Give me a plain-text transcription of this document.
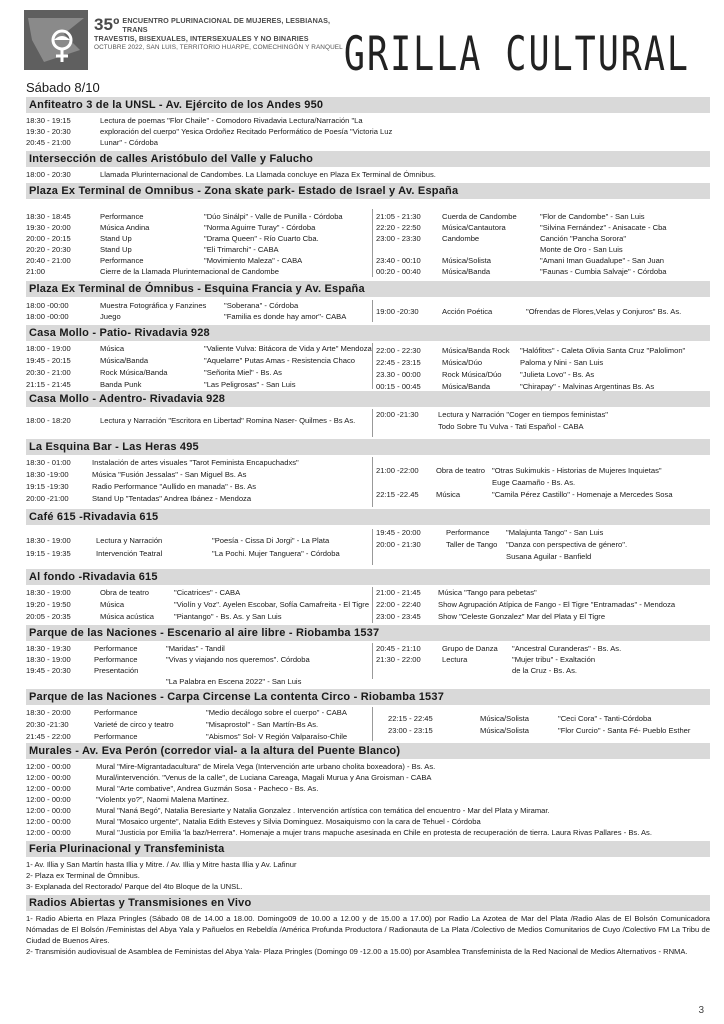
35º ENCUENTRO PLURINACIONAL DE MUJERES, LESBIANAS, TRANS
TRAVESTIS, BISEXUALES, INTERSEXUALES Y NO BINARIES
OCTUBRE 2022, SAN LUIS, TERRITORIO HUARPE, COMECHINGÓN Y RANQUEL GRILLA CULTURAL
Sábado 8/10
Anfiteatro 3 de la UNSL - Av. Ejército de los Andes 950
18:30 - 19:15	Lectura de poemas "Flor Chaile" - Comodoro Rivadavia Lectura/Narración "La
19:30 - 20:30	exploración del cuerpo" Yesica Ordoñez Recitado Performático de Poesía "Victoria Luz
20:45 - 21:00	Lunar" - Córdoba
Intersección de calles Aristóbulo del Valle y Falucho
18:00 - 20:30	Llamada Plurinternacional de Candombes. La Llamada concluye en Plaza Ex Terminal de Ómnibus.
Plaza Ex Terminal de Omnibus - Zona skate park- Estado de Israel y Av. España
18:30 - 18:45	Performance	"Dúo Sinálpi" - Valle de Punilla - Córdoba
19:30 - 20:00	Música Andina	"Norma Aguirre Turay" - Córdoba
20:00 - 20:15	Stand Up	"Drama Queen" - Río Cuarto Cba.
20:20 - 20:30	Stand Up	"Eli Trimarchi" - CABA
20:40 - 21:00	Performance	"Movimiento Maleza" - CABA
21:00	Cierre de la Llamada Plurinternacional de Candombe
21:05 - 21:30	Cuerda de Candombe	"Flor de Candombe" - San Luis
22:20 - 22:50	Música/Cantautora	"Silvina Fernández" - Anisacate - Cba
23:00 - 23:30	Candombe	Canción "Pancha Sorora"
Monte de Oro - San Luis
23:40 - 00:10	Música/Solista	"Amani Iman Guadalupe" - San Juan
00:20 - 00:40	Música/Banda	"Faunas - Cumbia Salvaje" - Córdoba
Plaza Ex Terminal de Ómnibus - Esquina Francia y Av. España
18:00 -00:00	Muestra Fotográfica y Fanzines	"Soberana" - Córdoba
18:00 -00:00	Juego	"Familia es donde hay amor"- CABA
19:00 -20:30	Acción Poética	"Ofrendas de Flores,Velas y Conjuros" Bs. As.
Casa Mollo - Patio- Rivadavia 928
18:00 - 19:00	Música	"Valiente Vulva: Bitácora de Vida y Arte" Mendoza
19:45 - 20:15	Música/Banda	"Aquelarre" Putas Amas - Resistencia Chaco
20:30 - 21:00	Rock Música/Banda	"Señorita Miel" - Bs. As
21:15 - 21:45	Banda Punk	"Las Peligrosas" - San Luis
22:00 - 22:30	Música/Banda Rock	"Halófitxs" - Caleta Olivia Santa Cruz "Palolimon"
22:45 - 23:15	Música/Dúo	Paloma y Nini - San Luis
23.30 - 00:00	Rock Música/Dúo	"Julieta Lovo" - Bs. As
00:15 - 00:45	Música/Banda	"Chirapay" - Malvinas Argentinas Bs. As
Casa Mollo - Adentro- Rivadavia 928
18:00 - 18:20	Lectura y Narración "Escritora en Libertad" Romina Naser- Quilmes - Bs As.
20:00 -21:30	Lectura y Narración "Coger en tiempos feministas"
Todo Sobre Tu Vulva - Tati Español - CABA
La Esquina Bar - Las Heras 495
18:30 - 01:00	Instalación de artes visuales "Tarot Feminista Encapuchadxs"
18:30 -19:00	Música "Fusión Jessalas" - San Miguel Bs. As
19:15 -19:30	Radio Performance "Aullido en manada" - Bs. As
20:00 -21:00	Stand Up "Tentadas" Andrea Ibánez - Mendoza
21:00 -22:00	Obra de teatro "Otras Sukimukis - Historias de Mujeres Inquietas"
Euge Caamaño - Bs. As.
22:15 -22.45	Música	"Camila Pérez Castillo" - Homenaje a Mercedes Sosa
Café 615 -Rivadavia 615
18:30 - 19:00	Lectura y Narración	"Poesía - Cissa Di Jorgi" - La Plata
19:15 - 19:35	Intervención Teatral	"La Pochi. Mujer Tanguera" - Córdoba
19:45 - 20:00	Performance	"Malajunta Tango" - San Luis
20:00 - 21:30	Taller de Tango	"Danza con perspectiva de género".
Susana Aguilar - Banfield
Al fondo -Rivadavia 615
18:30 - 19:00	Obra de teatro	"Cicatrices" - CABA
19:20 - 19:50	Música	"Violín y Voz". Ayelen Escobar, Sofía Camafreita - El Tigre
20:05 - 20:35	Música acústica	"Piantango" - Bs. As. y San Luis
21:00 - 21:45	Música "Tango para pebetas"
22:00 - 22:40	Show Agrupación Atípica de Fango - El Tigre "Entramadas" - Mendoza
23:00 - 23:45	Show "Celeste Gonzalez" Mar del Plata y El Tigre
Parque de las Naciones - Escenario al aire libre - Riobamba 1537
18:30 - 19:30	Performance	"Maridas" - Tandil
18:30 - 19:00	Performance	"Vivas y viajando nos queremos". Córdoba
19:45 - 20:30	Presentación
"La Palabra en Escena 2022" - San Luis
20:45 - 21:10	Grupo de Danza	"Ancestral Curanderas" - Bs. As.
21:30 - 22:00	Lectura	"Mujer tribu" - Exaltación
de la Cruz - Bs. As.
Parque de las Naciones - Carpa Circense La contenta Circo - Riobamba 1537
18:30 - 20:00	Performance	"Medio decálogo sobre el cuerpo" - CABA
20:30 -21:30	Varieté de circo y teatro	"Misaprostol" - San Martín-Bs As.
21:45 - 22:00	Performance	"Abismos" Sol- V Región Valparaíso-Chile
22:15 - 22:45	Música/Solista	"Ceci Cora" - Tanti-Córdoba
23:00 - 23:15	Música/Solista	"Flor Curcio" - Santa Fé- Pueblo Esther
Murales - Av. Eva Perón (corredor vial- a la altura del Puente Blanco)
12:00 - 00:00	Mural "Mire-Migrantadacultura" de Mirela Vega (Intervención arte urbano cholita boxeadora) - Bs. As.
12:00 - 00:00	Mural/intervención. "Venus de la calle", de Luciana Careaga, Magali Murua y Ana Groisman - CABA
12:00 - 00:00	Mural "Arte combative", Andrea Guzmán Sosa - Pacheco - Bs. As.
12:00 - 00:00	"Violentx yo?", Naomi Malena Martinez.
12:00 - 00:00	Mural "Naná Begó", Natalia Beresiarte y Natalia Gonzalez . Intervención artística con temática del encuentro - Mar del Plata y Miramar.
12:00 - 00:00	Mural "Mosaico urgente", Natalia Edith Esteves y Silvia Dominguez. Mosaiquismo con la cara de Tehuel - Córdoba
12:00 - 00:00	Mural "Justicia por Emilia 'la baz/Herrera". Homenaje a mujer trans mapuche asesinada en Chile en protesta de recuperación de tierra. Laura Rivas Pallares - Bs. As.
Feria Plurinacional y Transfeminista
1- Av. Illia y San Martín hasta Illia y Mitre. / Av. Illia y Mitre hasta Illia y Av. Lafinur
2- Plaza ex Terminal de Ómnibus.
3- Explanada del Rectorado/ Parque del 4to Bloque de la UNSL.
Radios Abiertas y Transmisiones en Vivo
1- Radio Abierta en Plaza Pringles (Sábado 08 de 14.00 a 18.00. Domingo09 de 10.00 a 12.00 y de 15.00 a 17.00) por Radio La Azotea de Mar del Plata /Radio Alas de El Bolsón Comunicadora Nómadas de El Bolsón /Feministas del Abya Yala y Pañuelos en Rebeldía /América Profunda Productora / Radionauta de La Plata /Colectivo de Medios Comunitarios de Cuyo /Colectivo FM La Tribu de Ciudad de Buenos Aires.
2- Transmisión audiovisual de Asamblea de Feministas del Abya Yala- Plaza Pringles (Domingo 09 -12.00 a 15.00) por Asamblea Transfeminista de la Red Nacional de Medios Alternativos - RNMA.
3
